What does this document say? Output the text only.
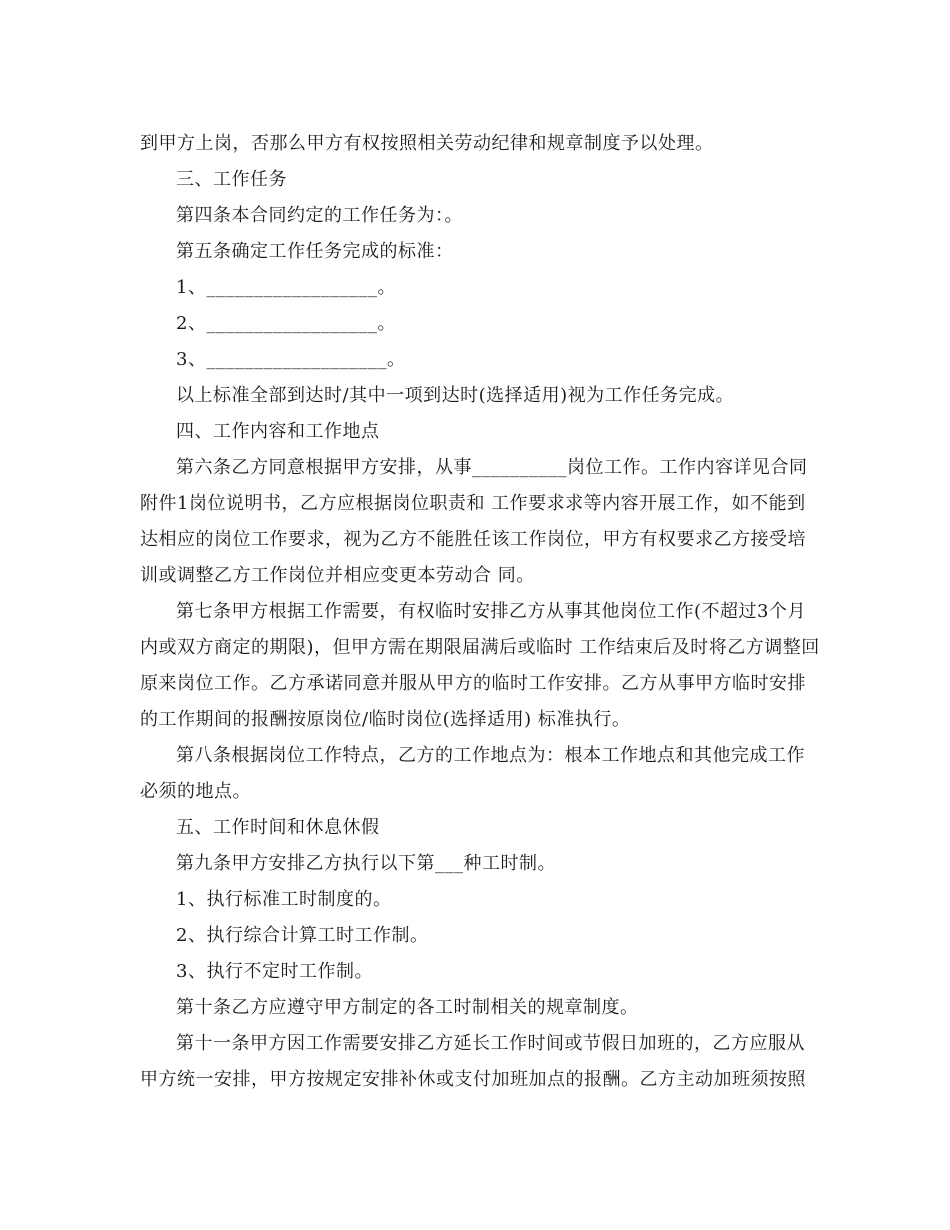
到甲方上岗，否那么甲方有权按照相关劳动纪律和规章制度予以处理。
三、工作任务
第四条本合同约定的工作任务为：。
第五条确定工作任务完成的标准：
1、__________________。
2、__________________。
3、___________________。
以上标准全部到达时/其中一项到达时(选择适用)视为工作任务完成。
四、工作内容和工作地点
第六条乙方同意根据甲方安排，从事__________岗位工作。工作内容详见合同附件1岗位说明书，乙方应根据岗位职责和 工作要求求等内容开展工作，如不能到达相应的岗位工作要求，视为乙方不能胜任该工作岗位，甲方有权要求乙方接受培训或调整乙方工作岗位并相应变更本劳动合 同。
第七条甲方根据工作需要，有权临时安排乙方从事其他岗位工作(不超过3个月内或双方商定的期限)，但甲方需在期限届满后或临时 工作结束后及时将乙方调整回原来岗位工作。乙方承诺同意并服从甲方的临时工作安排。乙方从事甲方临时安排的工作期间的报酬按原岗位/临时岗位(选择适用) 标准执行。
第八条根据岗位工作特点，乙方的工作地点为：根本工作地点和其他完成工作必须的地点。
五、工作时间和休息休假
第九条甲方安排乙方执行以下第___种工时制。
1、执行标准工时制度的。
2、执行综合计算工时工作制。
3、执行不定时工作制。
第十条乙方应遵守甲方制定的各工时制相关的规章制度。
第十一条甲方因工作需要安排乙方延长工作时间或节假日加班的，乙方应服从甲方统一安排，甲方按规定安排补休或支付加班加点的报酬。乙方主动加班须按照
